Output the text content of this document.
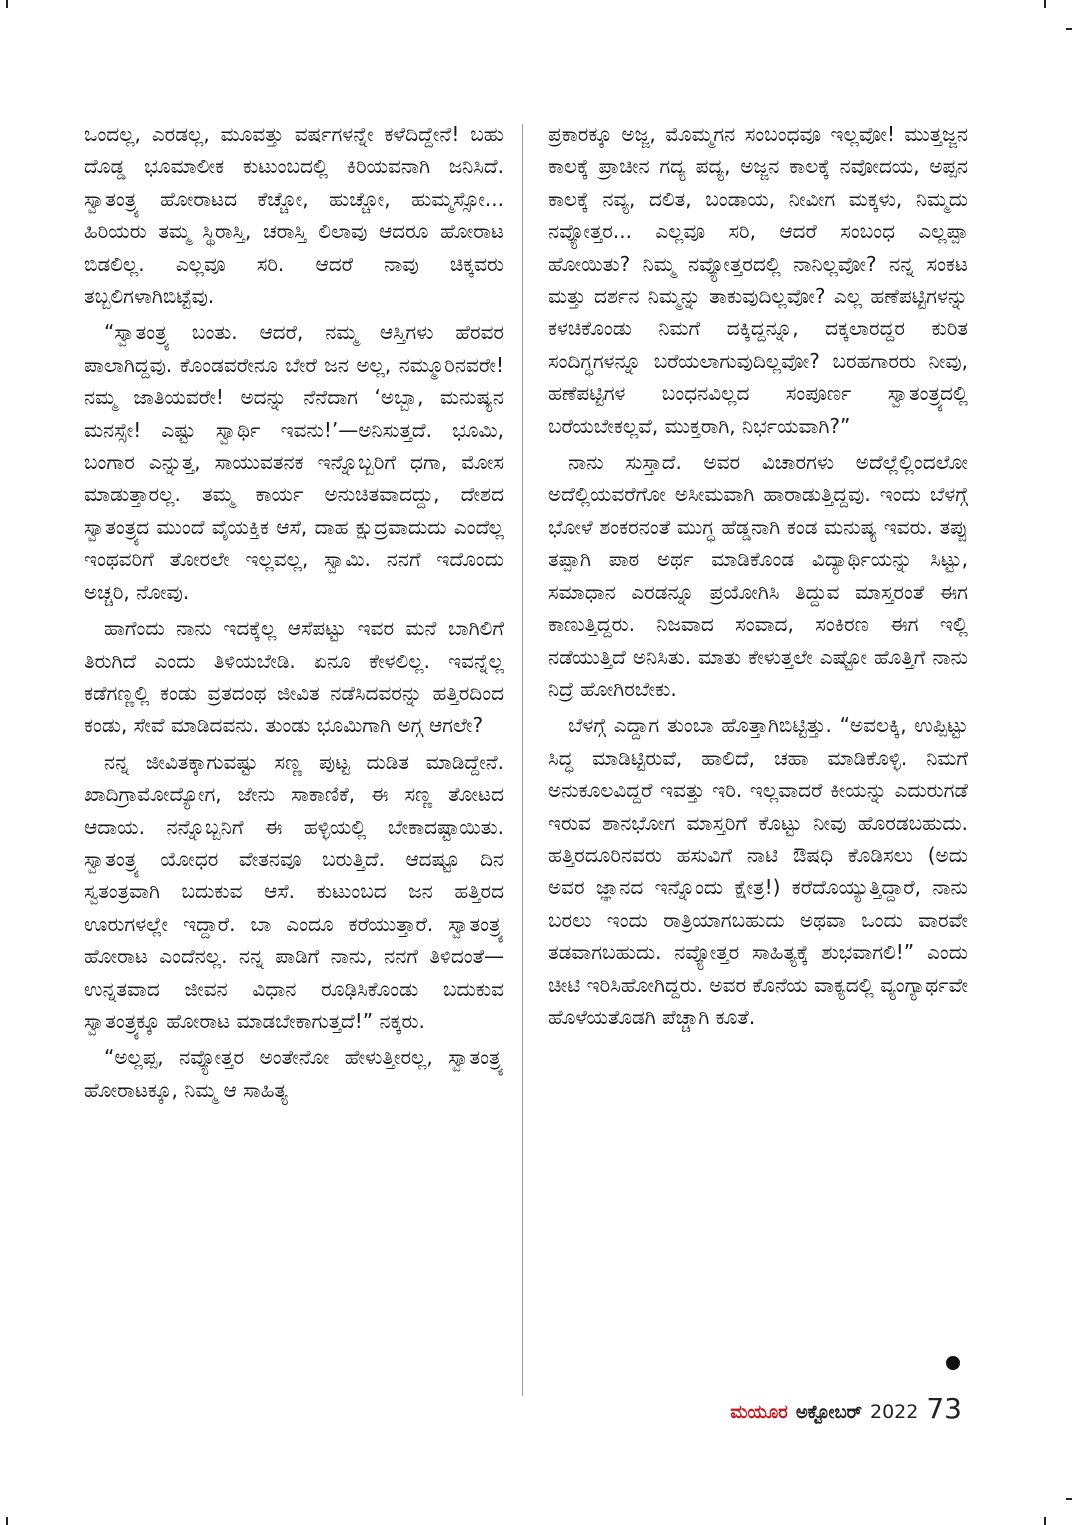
ಒಂದಲ್ಲ, ಎರಡಲ್ಲ, ಮೂವತ್ತು ವರ್ಷಗಳನ್ನೇ ಕಳೆದಿದ್ದೇನೆ! ಬಹು ದೊಡ್ಡ ಭೂಮಾಲೀಕ ಕುಟುಂಬದಲ್ಲಿ ಕಿರಿಯವನಾಗಿ ಜನಿಸಿದೆ. ಸ್ವಾತಂತ್ರ್ಯ ಹೋರಾಟದ ಕೆಚ್ಚೋ, ಹುಚ್ಚೋ, ಹುಮ್ಮಸ್ಸೋ... ಹಿರಿಯರು ತಮ್ಮ ಸ್ಥಿರಾಸ್ತಿ, ಚರಾಸ್ತಿ ಲಿಲಾವು ಆದರೂ ಹೋರಾಟ ಬಿಡಲಿಲ್ಲ. ಎಲ್ಲವೂ ಸರಿ. ಆದರೆ ನಾವು ಚಿಕ್ಕವರು ತಬ್ಬಲಿಗಳಾಗಿಬಿಟ್ಟೆವು.

“ಸ್ವಾತಂತ್ರ್ಯ ಬಂತು. ಆದರೆ, ನಮ್ಮ ಆಸ್ತಿಗಳು ಹೆರವರ ಪಾಲಾಗಿದ್ದವು. ಕೊಂಡವರೇನೂ ಬೇರೆ ಜನ ಅಲ್ಲ, ನಮ್ಮೂರಿನವರೇ! ನಮ್ಮ ಜಾತಿಯವರೇ! ಅದನ್ನು ನೆನೆದಾಗ ‘ಅಬ್ಬಾ, ಮನುಷ್ಯನ ಮನಸ್ಸೇ! ಎಷ್ಟು ಸ್ವಾರ್ಥಿ ಇವನು!’—ಅನಿಸುತ್ತದೆ. ಭೂಮಿ, ಬಂಗಾರ ಎನ್ನುತ್ತ, ಸಾಯುವತನಕ ಇನ್ನೊಬ್ಬರಿಗೆ ಧಗಾ, ಮೋಸ ಮಾಡುತ್ತಾರಲ್ಲ. ತಮ್ಮ ಕಾರ್ಯ ಅನುಚಿತವಾದದ್ದು, ದೇಶದ ಸ್ವಾತಂತ್ರ್ಯದ ಮುಂದೆ ವೈಯಕ್ತಿಕ ಆಸೆ, ದಾಹ ಕ್ಷುದ್ರವಾದುದು ಎಂದೆಲ್ಲ ಇಂಥವರಿಗೆ ತೋರಲೇ ಇಲ್ಲವಲ್ಲ, ಸ್ವಾಮಿ. ನನಗೆ ಇದೊಂದು ಅಚ್ಚರಿ, ನೋವು.

ಹಾಗೆಂದು ನಾನು ಇದಕ್ಕೆಲ್ಲ ಆಸೆಪಟ್ಟು ಇವರ ಮನೆ ಬಾಗಿಲಿಗೆ ತಿರುಗಿದೆ ಎಂದು ತಿಳಿಯಬೇಡಿ. ಏನೂ ಕೇಳಲಿಲ್ಲ. ಇವನ್ನೆಲ್ಲ ಕಡೆಗಣ್ಣಲ್ಲಿ ಕಂಡು ವ್ರತದಂಥ ಜೀವಿತ ನಡೆಸಿದವರನ್ನು ಹತ್ತಿರದಿಂದ ಕಂಡು, ಸೇವೆ ಮಾಡಿದವನು. ತುಂಡು ಭೂಮಿಗಾಗಿ ಅಗ್ಗ ಆಗಲೇ?

ನನ್ನ ಜೀವಿತಕ್ಕಾಗುವಷ್ಟು ಸಣ್ಣ ಪುಟ್ಟ ದುಡಿತ ಮಾಡಿದ್ದೇನೆ. ಖಾದಿಗ್ರಾಮೋದ್ಯೋಗ, ಜೇನು ಸಾಕಾಣಿಕೆ, ಈ ಸಣ್ಣ ತೋಟದ ಆದಾಯ. ನನ್ನೊಬ್ಬನಿಗೆ ಈ ಹಳ್ಳಿಯಲ್ಲಿ ಬೇಕಾದಷ್ಟಾಯಿತು. ಸ್ವಾತಂತ್ರ್ಯ ಯೋಧರ ವೇತನವೂ ಬರುತ್ತಿದೆ. ಆದಷ್ಟೂ ದಿನ ಸ್ವತಂತ್ರವಾಗಿ ಬದುಕುವ ಆಸೆ. ಕುಟುಂಬದ ಜನ ಹತ್ತಿರದ ಊರುಗಳಲ್ಲೇ ಇದ್ದಾರೆ. ಬಾ ಎಂದೂ ಕರೆಯುತ್ತಾರೆ. ಸ್ವಾತಂತ್ರ್ಯ ಹೋರಾಟ ಎಂದೆನಲ್ಲ. ನನ್ನ ಪಾಡಿಗೆ ನಾನು, ನನಗೆ ತಿಳಿದಂತೆ—ಉನ್ನತವಾದ ಜೀವನ ವಿಧಾನ ರೂಢಿಸಿಕೊಂಡು ಬದುಕುವ ಸ್ವಾತಂತ್ರ್ಯಕ್ಕೂ ಹೋರಾಟ ಮಾಡಬೇಕಾಗುತ್ತದೆ!” ನಕ್ಕರು.

“ಅಲ್ಲಪ್ಪ, ನವ್ಯೋತ್ತರ ಅಂತೇನೋ ಹೇಳುತ್ತೀರಲ್ಲ, ಸ್ವಾತಂತ್ರ್ಯ ಹೋರಾಟಕ್ಕೂ, ನಿಮ್ಮ ಆ ಸಾಹಿತ್ಯ

ಪ್ರಕಾರಕ್ಕೂ ಅಜ್ಜ, ಮೊಮ್ಮಗನ ಸಂಬಂಧವೂ ಇಲ್ಲವೋ! ಮುತ್ತಜ್ಜನ ಕಾಲಕ್ಕೆ ಪ್ರಾಚೀನ ಗದ್ಯ ಪದ್ಯ, ಅಜ್ಜನ ಕಾಲಕ್ಕೆ ನವೋದಯ, ಅಪ್ಪನ ಕಾಲಕ್ಕೆ ನವ್ಯ, ದಲಿತ, ಬಂಡಾಯ, ನೀವೀಗ ಮಕ್ಕಳು, ನಿಮ್ಮದು ನವ್ಯೋತ್ತರ... ಎಲ್ಲವೂ ಸರಿ, ಆದರೆ ಸಂಬಂಧ ಎಲ್ಲಪ್ಪಾ ಹೋಯಿತು? ನಿಮ್ಮ ನವ್ಯೋತ್ತರದಲ್ಲಿ ನಾನಿಲ್ಲವೋ? ನನ್ನ ಸಂಕಟ ಮತ್ತು ದರ್ಶನ ನಿಮ್ಮನ್ನು ತಾಕುವುದಿಲ್ಲವೋ? ಎಲ್ಲ ಹಣೆಪಟ್ಟಿಗಳನ್ನು ಕಳಚಿಕೊಂಡು ನಿಮಗೆ ದಕ್ಕಿದ್ದನ್ನೂ, ದಕ್ಕಲಾರದ್ದರ ಕುರಿತ ಸಂದಿಗ್ಧಗಳನ್ನೂ ಬರೆಯಲಾಗುವುದಿಲ್ಲವೋ? ಬರಹಗಾರರು ನೀವು, ಹಣೆಪಟ್ಟಿಗಳ ಬಂಧನವಿಲ್ಲದ ಸಂಪೂರ್ಣ ಸ್ವಾತಂತ್ರ್ಯದಲ್ಲಿ ಬರೆಯಬೇಕಲ್ಲವೆ, ಮುಕ್ತರಾಗಿ, ನಿರ್ಭಯವಾಗಿ?”

ನಾನು ಸುಸ್ತಾದೆ. ಅವರ ವಿಚಾರಗಳು ಅದೆಲ್ಲೆಲ್ಲಿಂದಲೋ ಅದೆಲ್ಲಿಯವರೆಗೋ ಅಸೀಮವಾಗಿ ಹಾರಾಡುತ್ತಿದ್ದವು. ಇಂದು ಬೆಳಗ್ಗೆ ಭೋಳೆ ಶಂಕರನಂತೆ ಮುಗ್ಧ ಹೆಡ್ಡನಾಗಿ ಕಂಡ ಮನುಷ್ಯ ಇವರು. ತಪ್ಪು ತಪ್ಪಾಗಿ ಪಾಠ ಅರ್ಥ ಮಾಡಿಕೊಂಡ ವಿದ್ಯಾರ್ಥಿಯನ್ನು ಸಿಟ್ಟು, ಸಮಾಧಾನ ಎರಡನ್ನೂ ಪ್ರಯೋಗಿಸಿ ತಿದ್ದುವ ಮಾಸ್ತರಂತೆ ಈಗ ಕಾಣುತ್ತಿದ್ದರು. ನಿಜವಾದ ಸಂವಾದ, ಸಂಕಿರಣ ಈಗ ಇಲ್ಲಿ ನಡೆಯುತ್ತಿದೆ ಅನಿಸಿತು. ಮಾತು ಕೇಳುತ್ತಲೇ ಎಷ್ಟೋ ಹೊತ್ತಿಗೆ ನಾನು ನಿದ್ರೆ ಹೋಗಿರಬೇಕು.

ಬೆಳಗ್ಗೆ ಎದ್ದಾಗ ತುಂಬಾ ಹೊತ್ತಾಗಿಬಿಟ್ಟಿತ್ತು. “ಅವಲಕ್ಕಿ, ಉಪ್ಪಿಟ್ಟು ಸಿದ್ಧ ಮಾಡಿಟ್ಟಿರುವೆ, ಹಾಲಿದೆ, ಚಹಾ ಮಾಡಿಕೊಳ್ಳಿ. ನಿಮಗೆ ಅನುಕೂಲವಿದ್ದರೆ ಇವತ್ತು ಇರಿ. ಇಲ್ಲವಾದರೆ ಕೀಯನ್ನು ಎದುರುಗಡೆ ಇರುವ ಶಾನಭೋಗ ಮಾಸ್ತರಿಗೆ ಕೊಟ್ಟು ನೀವು ಹೊರಡಬಹುದು. ಹತ್ತಿರದೂರಿನವರು ಹಸುವಿಗೆ ನಾಟಿ ಔಷಧಿ ಕೊಡಿಸಲು (ಅದು ಅವರ ಜ್ಞಾನದ ಇನ್ನೊಂದು ಕ್ಷೇತ್ರ!) ಕರೆದೊಯ್ಯುತ್ತಿದ್ದಾರೆ, ನಾನು ಬರಲು ಇಂದು ರಾತ್ರಿಯಾಗಬಹುದು ಅಥವಾ ಒಂದು ವಾರವೇ ತಡವಾಗಬಹುದು. ನವ್ಯೋತ್ತರ ಸಾಹಿತ್ಯಕ್ಕೆ ಶುಭವಾಗಲಿ!” ಎಂದು ಚೀಟಿ ಇರಿಸಿಹೋಗಿದ್ದರು. ಅವರ ಕೊನೆಯ ವಾಕ್ಯದಲ್ಲಿ ವ್ಯಂಗ್ಯಾರ್ಥವೇ ಹೊಳೆಯತೊಡಗಿ ಪೆಚ್ಚಾಗಿ ಕೂತೆ.

ಮಯೂರ ಅಕ್ಟೋಬರ್ 2022 73
